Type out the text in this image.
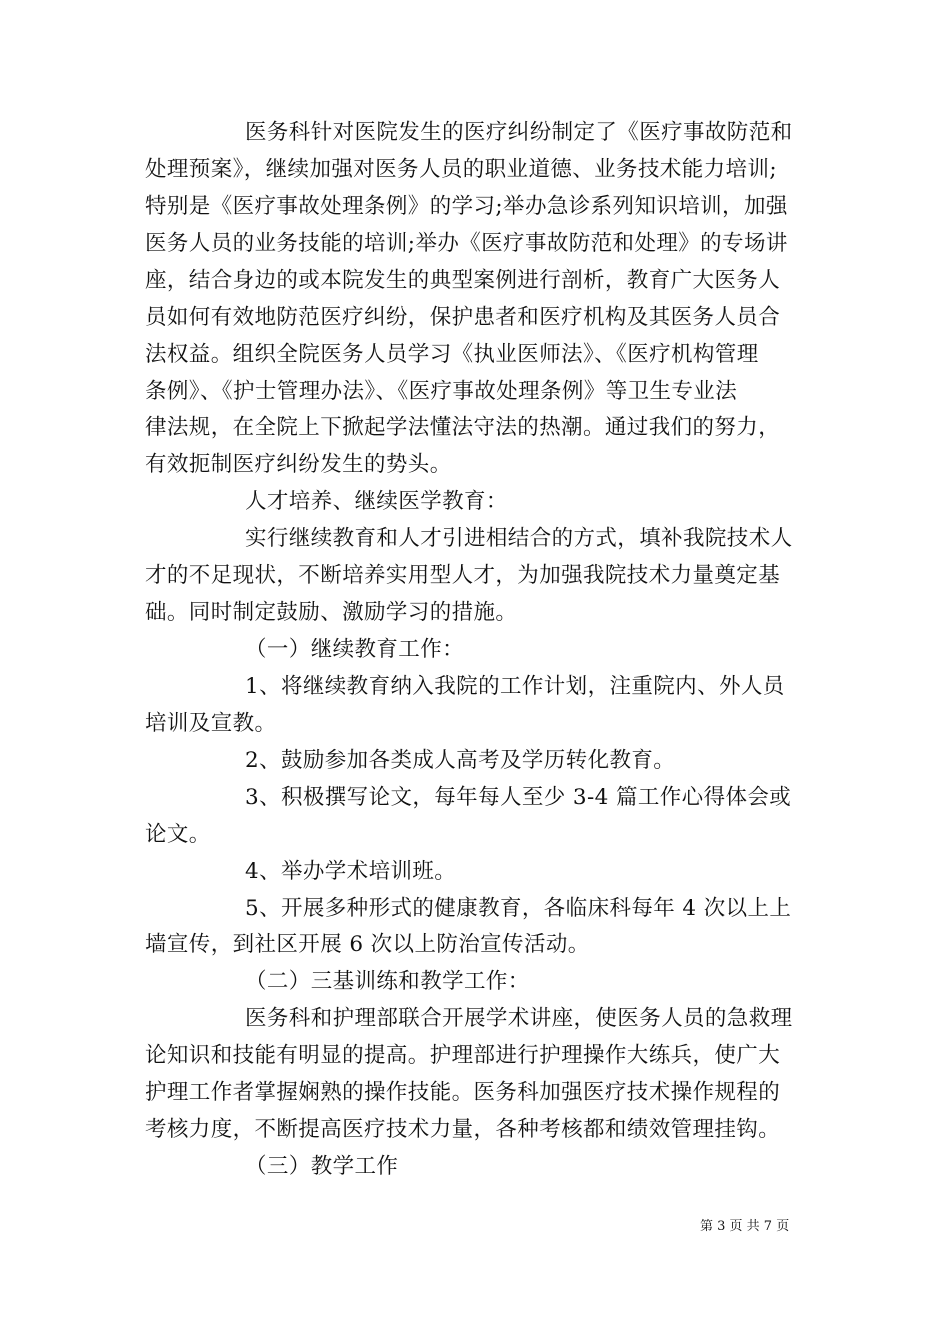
医务科针对医院发生的医疗纠纷制定了《医疗事故防范和
处理预案》，继续加强对医务人员的职业道德、业务技术能力培训;
特别是《医疗事故处理条例》的学习;举办急诊系列知识培训，加强
医务人员的业务技能的培训;举办《医疗事故防范和处理》的专场讲
座，结合身边的或本院发生的典型案例进行剖析，教育广大医务人
员如何有效地防范医疗纠纷，保护患者和医疗机构及其医务人员合
法权益。组织全院医务人员学习《执业医师法》、《医疗机构管理
条例》、《护士管理办法》、《医疗事故处理条例》等卫生专业法
律法规，在全院上下掀起学法懂法守法的热潮。通过我们的努力，
有效扼制医疗纠纷发生的势头。
人才培养、继续医学教育：
实行继续教育和人才引进相结合的方式，填补我院技术人
才的不足现状，不断培养实用型人才，为加强我院技术力量奠定基
础。同时制定鼓励、激励学习的措施。
（一）继续教育工作：
1、将继续教育纳入我院的工作计划，注重院内、外人员
培训及宣教。
2、鼓励参加各类成人高考及学历转化教育。
3、积极撰写论文，每年每人至少 3-4 篇工作心得体会或
论文。
4、举办学术培训班。
5、开展多种形式的健康教育，各临床科每年 4 次以上上
墙宣传，到社区开展 6 次以上防治宣传活动。
（二）三基训练和教学工作：
医务科和护理部联合开展学术讲座，使医务人员的急救理
论知识和技能有明显的提高。护理部进行护理操作大练兵，使广大
护理工作者掌握娴熟的操作技能。医务科加强医疗技术操作规程的
考核力度，不断提高医疗技术力量，各种考核都和绩效管理挂钩。
（三）教学工作
第 3 页 共 7 页
